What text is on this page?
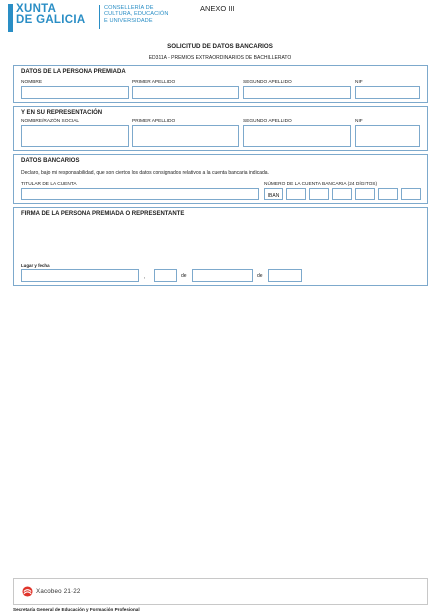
XUNTA
DE GALICIA
CONSELLERÍA DE
CULTURA, EDUCACIÓN
E UNIVERSIDADE
ANEXO III
SOLICITUD DE DATOS BANCARIOS
ED311A - PREMIOS EXTRAORDINARIOS DE BACHILLERATO
DATOS DE LA PERSONA PREMIADA
NOMBRE	PRIMER APELLIDO	SEGUNDO APELLIDO	NIF
Y EN SU REPRESENTACIÓN
NOMBRE/RAZÓN SOCIAL	PRIMER APELLIDO	SEGUNDO APELLIDO	NIF
DATOS BANCARIOS
Declaro, bajo mi responsabilidad, que son ciertos los datos consignados relativos a la cuenta bancaria indicada.
TITULAR DE LA CUENTA	NÚMERO DE LA CUENTA BANCARIA (24 DÍGITOS)
IBAN
FIRMA DE LA PERSONA PREMIADA O REPRESENTANTE
Lugar y fecha
,	de	de
Xacobeo 21·22
Secretaría General de Educación y Formación Profesional
